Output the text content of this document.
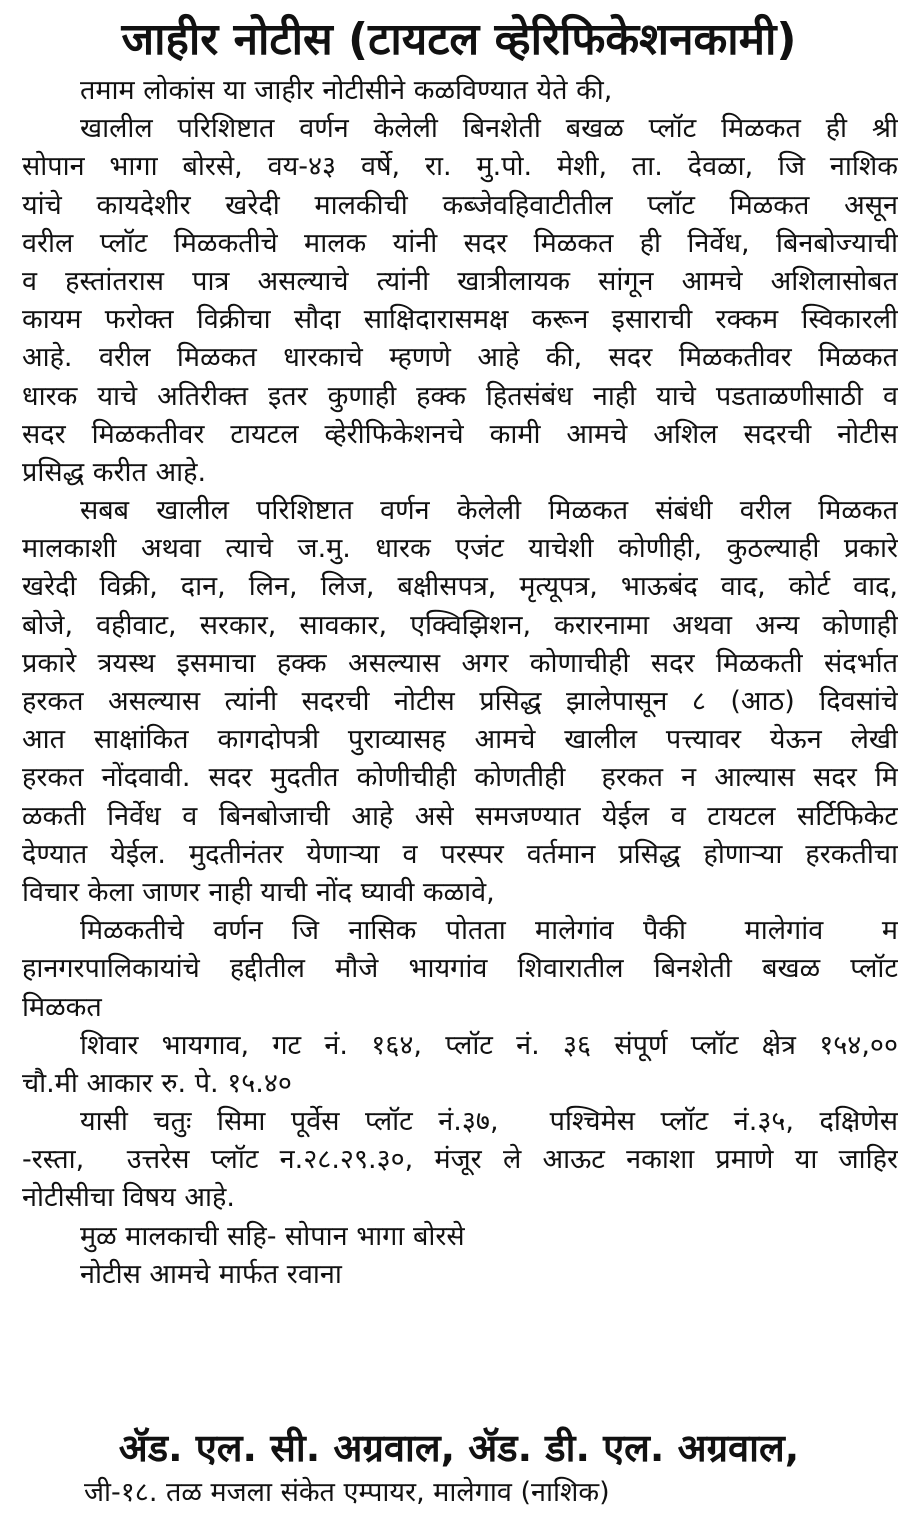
जाहीर नोटीस (टायटल व्हेरिफिकेशनकामी)
तमाम लोकांस या जाहीर नोटीसीने कळविण्यात येते की,
खालील परिशिष्टात वर्णन केलेली बिनशेती बखळ प्लॉट मिळकत ही श्री
सोपान भागा बोरसे, वय-४३ वर्षे, रा. मु.पो. मेशी, ता. देवळा, जि नाशिक
यांचे कायदेशीर खरेदी मालकीची कब्जेवहिवाटीतील प्लॉट मिळकत असून
वरील प्लॉट मिळकतीचे मालक यांनी सदर मिळकत ही निर्वेध, बिनबोज्याची
व हस्तांतरास पात्र असल्याचे त्यांनी खात्रीलायक सांगून आमचे अशिलासोबत
कायम फरोक्त विक्रीचा सौदा साक्षिदारासमक्ष करून इसाराची रक्कम स्विकारली
आहे. वरील मिळकत धारकाचे म्हणणे आहे की, सदर मिळकतीवर मिळकत
धारक याचे अतिरीक्त इतर कुणाही हक्क हितसंबंध नाही याचे पडताळणीसाठी व
सदर मिळकतीवर टायटल व्हेरीफिकेशनचे कामी आमचे अशिल सदरची नोटीस
प्रसिद्ध करीत आहे.
सबब खालील परिशिष्टात वर्णन केलेली मिळकत संबंधी वरील मिळकत
मालकाशी अथवा त्याचे ज.मु. धारक एजंट याचेशी कोणीही, कुठल्याही प्रकारे
खरेदी विक्री, दान, लिन, लिज, बक्षीसपत्र, मृत्यूपत्र, भाऊबंद वाद, कोर्ट वाद,
बोजे, वहीवाट, सरकार, सावकार, एक्विझिशन, करारनामा अथवा अन्य कोणाही
प्रकारे त्रयस्थ इसमाचा हक्क असल्यास अगर कोणाचीही सदर मिळकती संदर्भात
हरकत असल्यास त्यांनी सदरची नोटीस प्रसिद्ध झालेपासून ८ (आठ) दिवसांचे
आत साक्षांकित कागदोपत्री पुराव्यासह आमचे खालील पत्त्यावर येऊन लेखी
हरकत नोंदवावी. सदर मुदतीत कोणीचीही कोणतीही  हरकत न आल्यास सदर मि
ळकती निर्वेध व बिनबोजाची आहे असे समजण्यात येईल व टायटल सर्टिफिकेट
देण्यात येईल. मुदतीनंतर येणाऱ्या व परस्पर वर्तमान प्रसिद्ध होणाऱ्या हरकतीचा
विचार केला जाणर नाही याची नोंद घ्यावी कळावे,
मिळकतीचे वर्णन जि नासिक पोतता मालेगांव पैकी  मालेगांव  म
हानगरपालिकायांचे हद्दीतील मौजे भायगांव शिवारातील बिनशेती बखळ प्लॉट
मिळकत
शिवार भायगाव, गट नं. १६४, प्लॉट नं. ३६ संपूर्ण प्लॉट क्षेत्र १५४,००
चौ.मी आकार रु. पे. १५.४०
यासी चतुः सिमा पूर्वेस प्लॉट नं.३७,  पश्चिमेस प्लॉट नं.३५, दक्षिणेस
-रस्ता,  उत्तरेस प्लॉट न.२८.२९.३०, मंजूर ले आऊट नकाशा प्रमाणे या जाहिर
नोटीसीचा विषय आहे.
मुळ मालकाची सहि- सोपान भागा बोरसे
नोटीस आमचे मार्फत रवाना
ॲड. एल. सी. अग्रवाल, ॲड. डी. एल. अग्रवाल,
जी-१८. तळ मजला संकेत एम्पायर, मालेगाव (नाशिक)
